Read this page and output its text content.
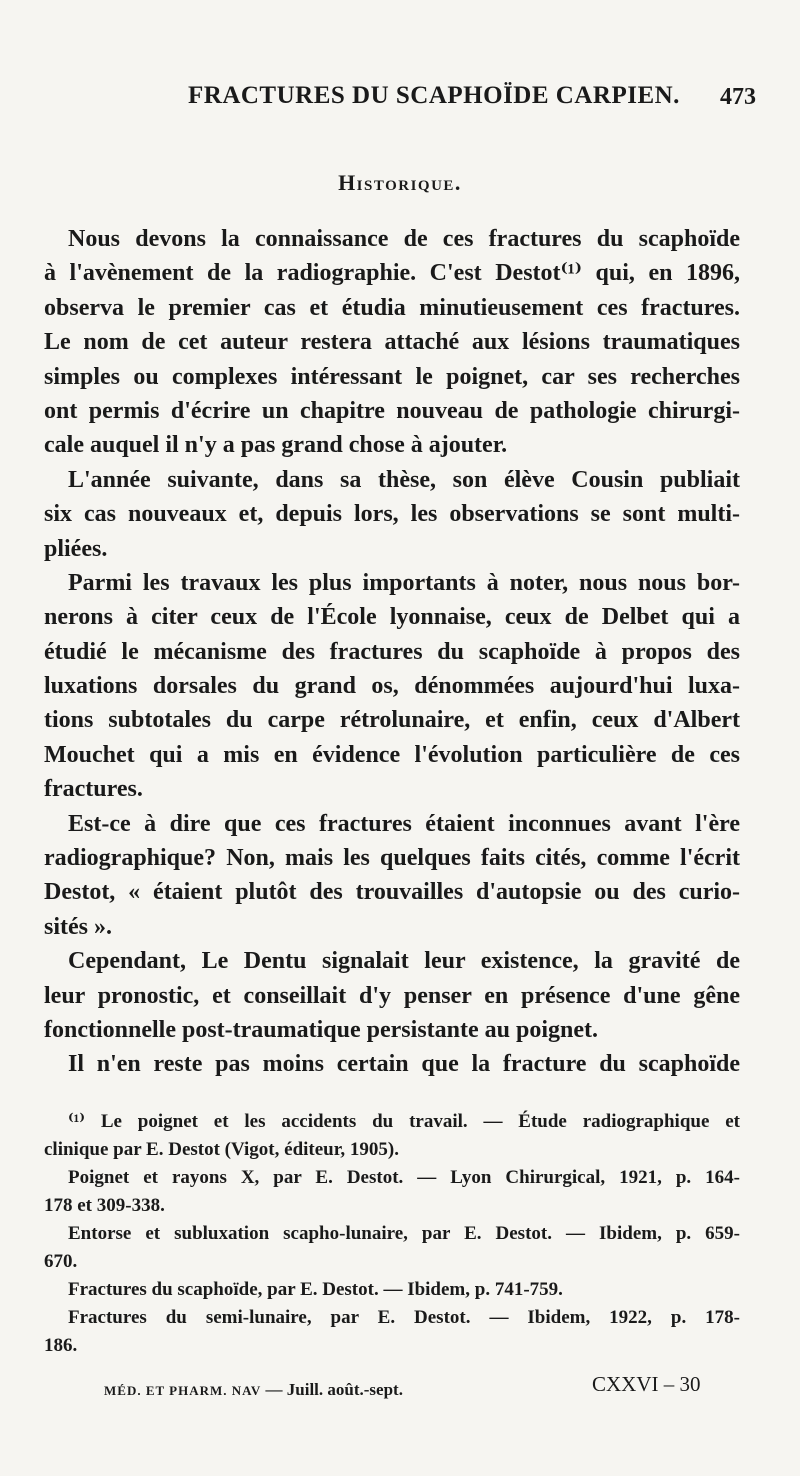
FRACTURES DU SCAPHOÏDE CARPIEN. 473
Historique.
Nous devons la connaissance de ces fractures du scaphoïde
à l'avènement de la radiographie. C'est Destot⁽¹⁾ qui, en 1896,
observa le premier cas et étudia minutieusement ces fractures.
Le nom de cet auteur restera attaché aux lésions traumatiques
simples ou complexes intéressant le poignet, car ses recherches
ont permis d'écrire un chapitre nouveau de pathologie chirurgi-
cale auquel il n'y a pas grand chose à ajouter.
L'année suivante, dans sa thèse, son élève Cousin publiait
six cas nouveaux et, depuis lors, les observations se sont multi-
pliées.
Parmi les travaux les plus importants à noter, nous nous bor-
nerons à citer ceux de l'École lyonnaise, ceux de Delbet qui a
étudié le mécanisme des fractures du scaphoïde à propos des
luxations dorsales du grand os, dénommées aujourd'hui luxa-
tions subtotales du carpe rétrolunaire, et enfin, ceux d'Albert
Mouchet qui a mis en évidence l'évolution particulière de ces
fractures.
Est-ce à dire que ces fractures étaient inconnues avant l'ère
radiographique? Non, mais les quelques faits cités, comme l'écrit
Destot, « étaient plutôt des trouvailles d'autopsie ou des curio-
sités ».
Cependant, Le Dentu signalait leur existence, la gravité de
leur pronostic, et conseillait d'y penser en présence d'une gêne
fonctionnelle post-traumatique persistante au poignet.
Il n'en reste pas moins certain que la fracture du scaphoïde
⁽¹⁾ Le poignet et les accidents du travail. — Étude radiographique et
clinique par E. Destot (Vigot, éditeur, 1905).
Poignet et rayons X, par E. Destot. — Lyon Chirurgical, 1921, p. 164-
178 et 309-338.
Entorse et subluxation scapho-lunaire, par E. Destot. — Ibidem, p. 659-
670.
Fractures du scaphoïde, par E. Destot. — Ibidem, p. 741-759.
Fractures du semi-lunaire, par E. Destot. — Ibidem, 1922, p. 178-
186.
MÉD. ET PHARM. NAV — Juill. août.-sept.	CXXVI – 30
